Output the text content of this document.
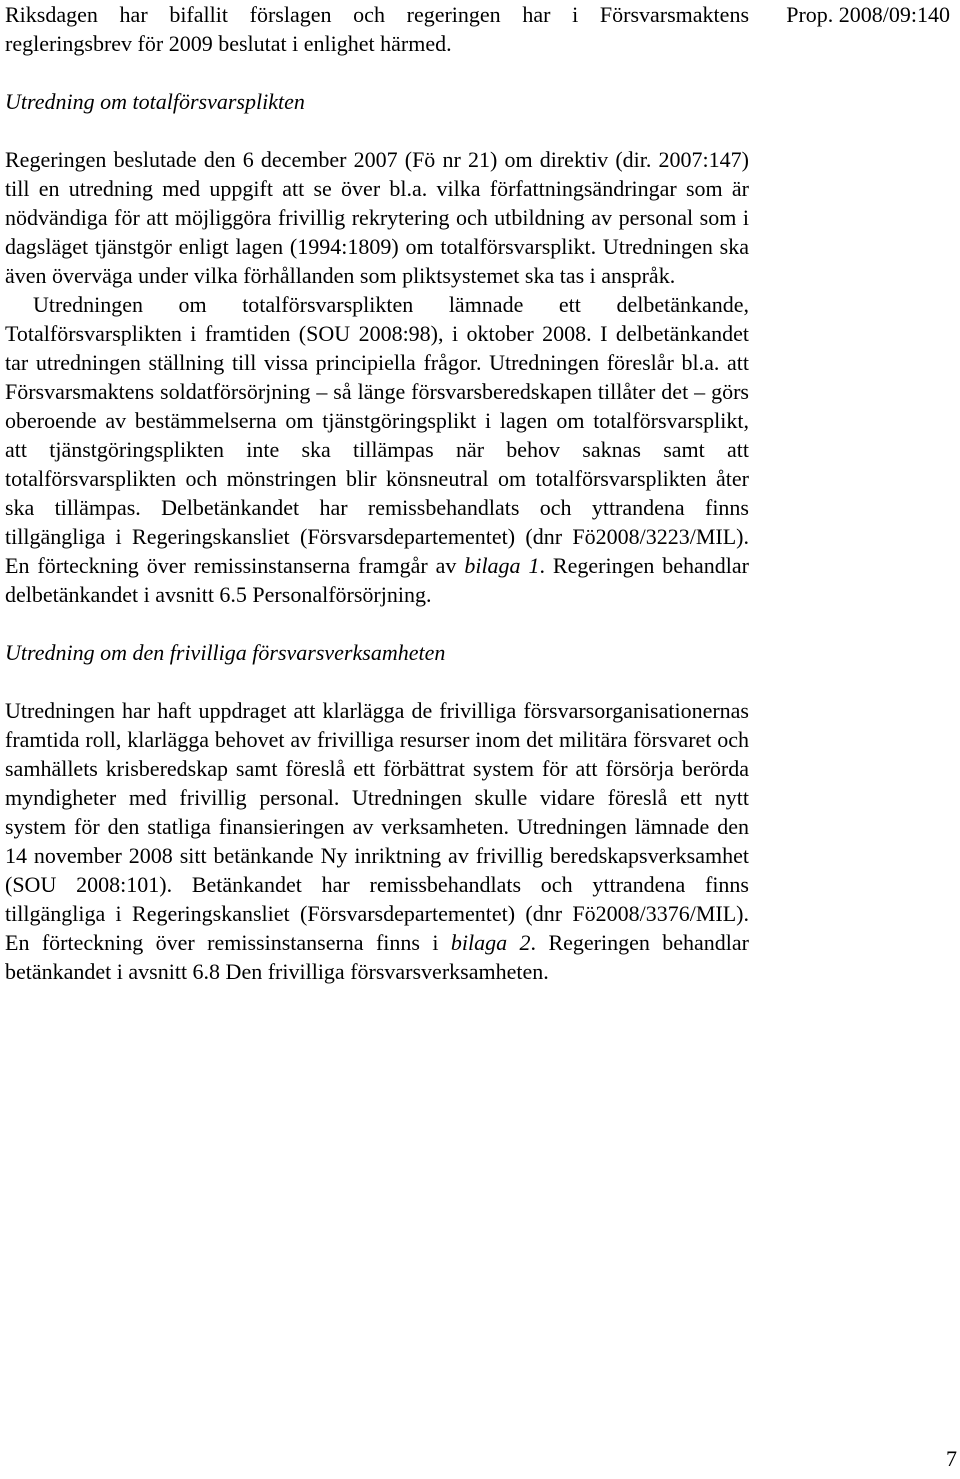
Prop. 2008/09:140

Riksdagen har bifallit förslagen och regeringen har i Försvarsmaktens regleringsbrev för 2009 beslutat i enlighet härmed.

Utredning om totalförsvarsplikten

Regeringen beslutade den 6 december 2007 (Fö nr 21) om direktiv (dir. 2007:147) till en utredning med uppgift att se över bl.a. vilka författningsändringar som är nödvändiga för att möjliggöra frivillig rekrytering och utbildning av personal som i dagsläget tjänstgör enligt lagen (1994:1809) om totalförsvarsplikt. Utredningen ska även överväga under vilka förhållanden som pliktsystemet ska tas i anspråk.

Utredningen om totalförsvarsplikten lämnade ett delbetänkande, Totalförsvarsplikten i framtiden (SOU 2008:98), i oktober 2008. I delbetänkandet tar utredningen ställning till vissa principiella frågor. Utredningen föreslår bl.a. att Försvarsmaktens soldatförsörjning – så länge försvarsberedskapen tillåter det – görs oberoende av bestämmelserna om tjänstgöringsplikt i lagen om totalförsvarsplikt, att tjänstgöringsplikten inte ska tillämpas när behov saknas samt att totalförsvarsplikten och mönstringen blir könsneutral om totalförsvarsplikten åter ska tillämpas. Delbetänkandet har remissbehandlats och yttrandena finns tillgängliga i Regeringskansliet (Försvarsdepartementet) (dnr Fö2008/3223/MIL). En förteckning över remissinstanserna framgår av bilaga 1. Regeringen behandlar delbetänkandet i avsnitt 6.5 Personalförsörjning.

Utredning om den frivilliga försvarsverksamheten

Utredningen har haft uppdraget att klarlägga de frivilliga försvarsorganisationernas framtida roll, klarlägga behovet av frivilliga resurser inom det militära försvaret och samhällets krisberedskap samt föreslå ett förbättrat system för att försörja berörda myndigheter med frivillig personal. Utredningen skulle vidare föreslå ett nytt system för den statliga finansieringen av verksamheten. Utredningen lämnade den 14 november 2008 sitt betänkande Ny inriktning av frivillig beredskapsverksamhet (SOU 2008:101). Betänkandet har remissbehandlats och yttrandena finns tillgängliga i Regeringskansliet (Försvarsdepartementet) (dnr Fö2008/3376/MIL). En förteckning över remissinstanserna finns i bilaga 2. Regeringen behandlar betänkandet i avsnitt 6.8 Den frivilliga försvarsverksamheten.

7
